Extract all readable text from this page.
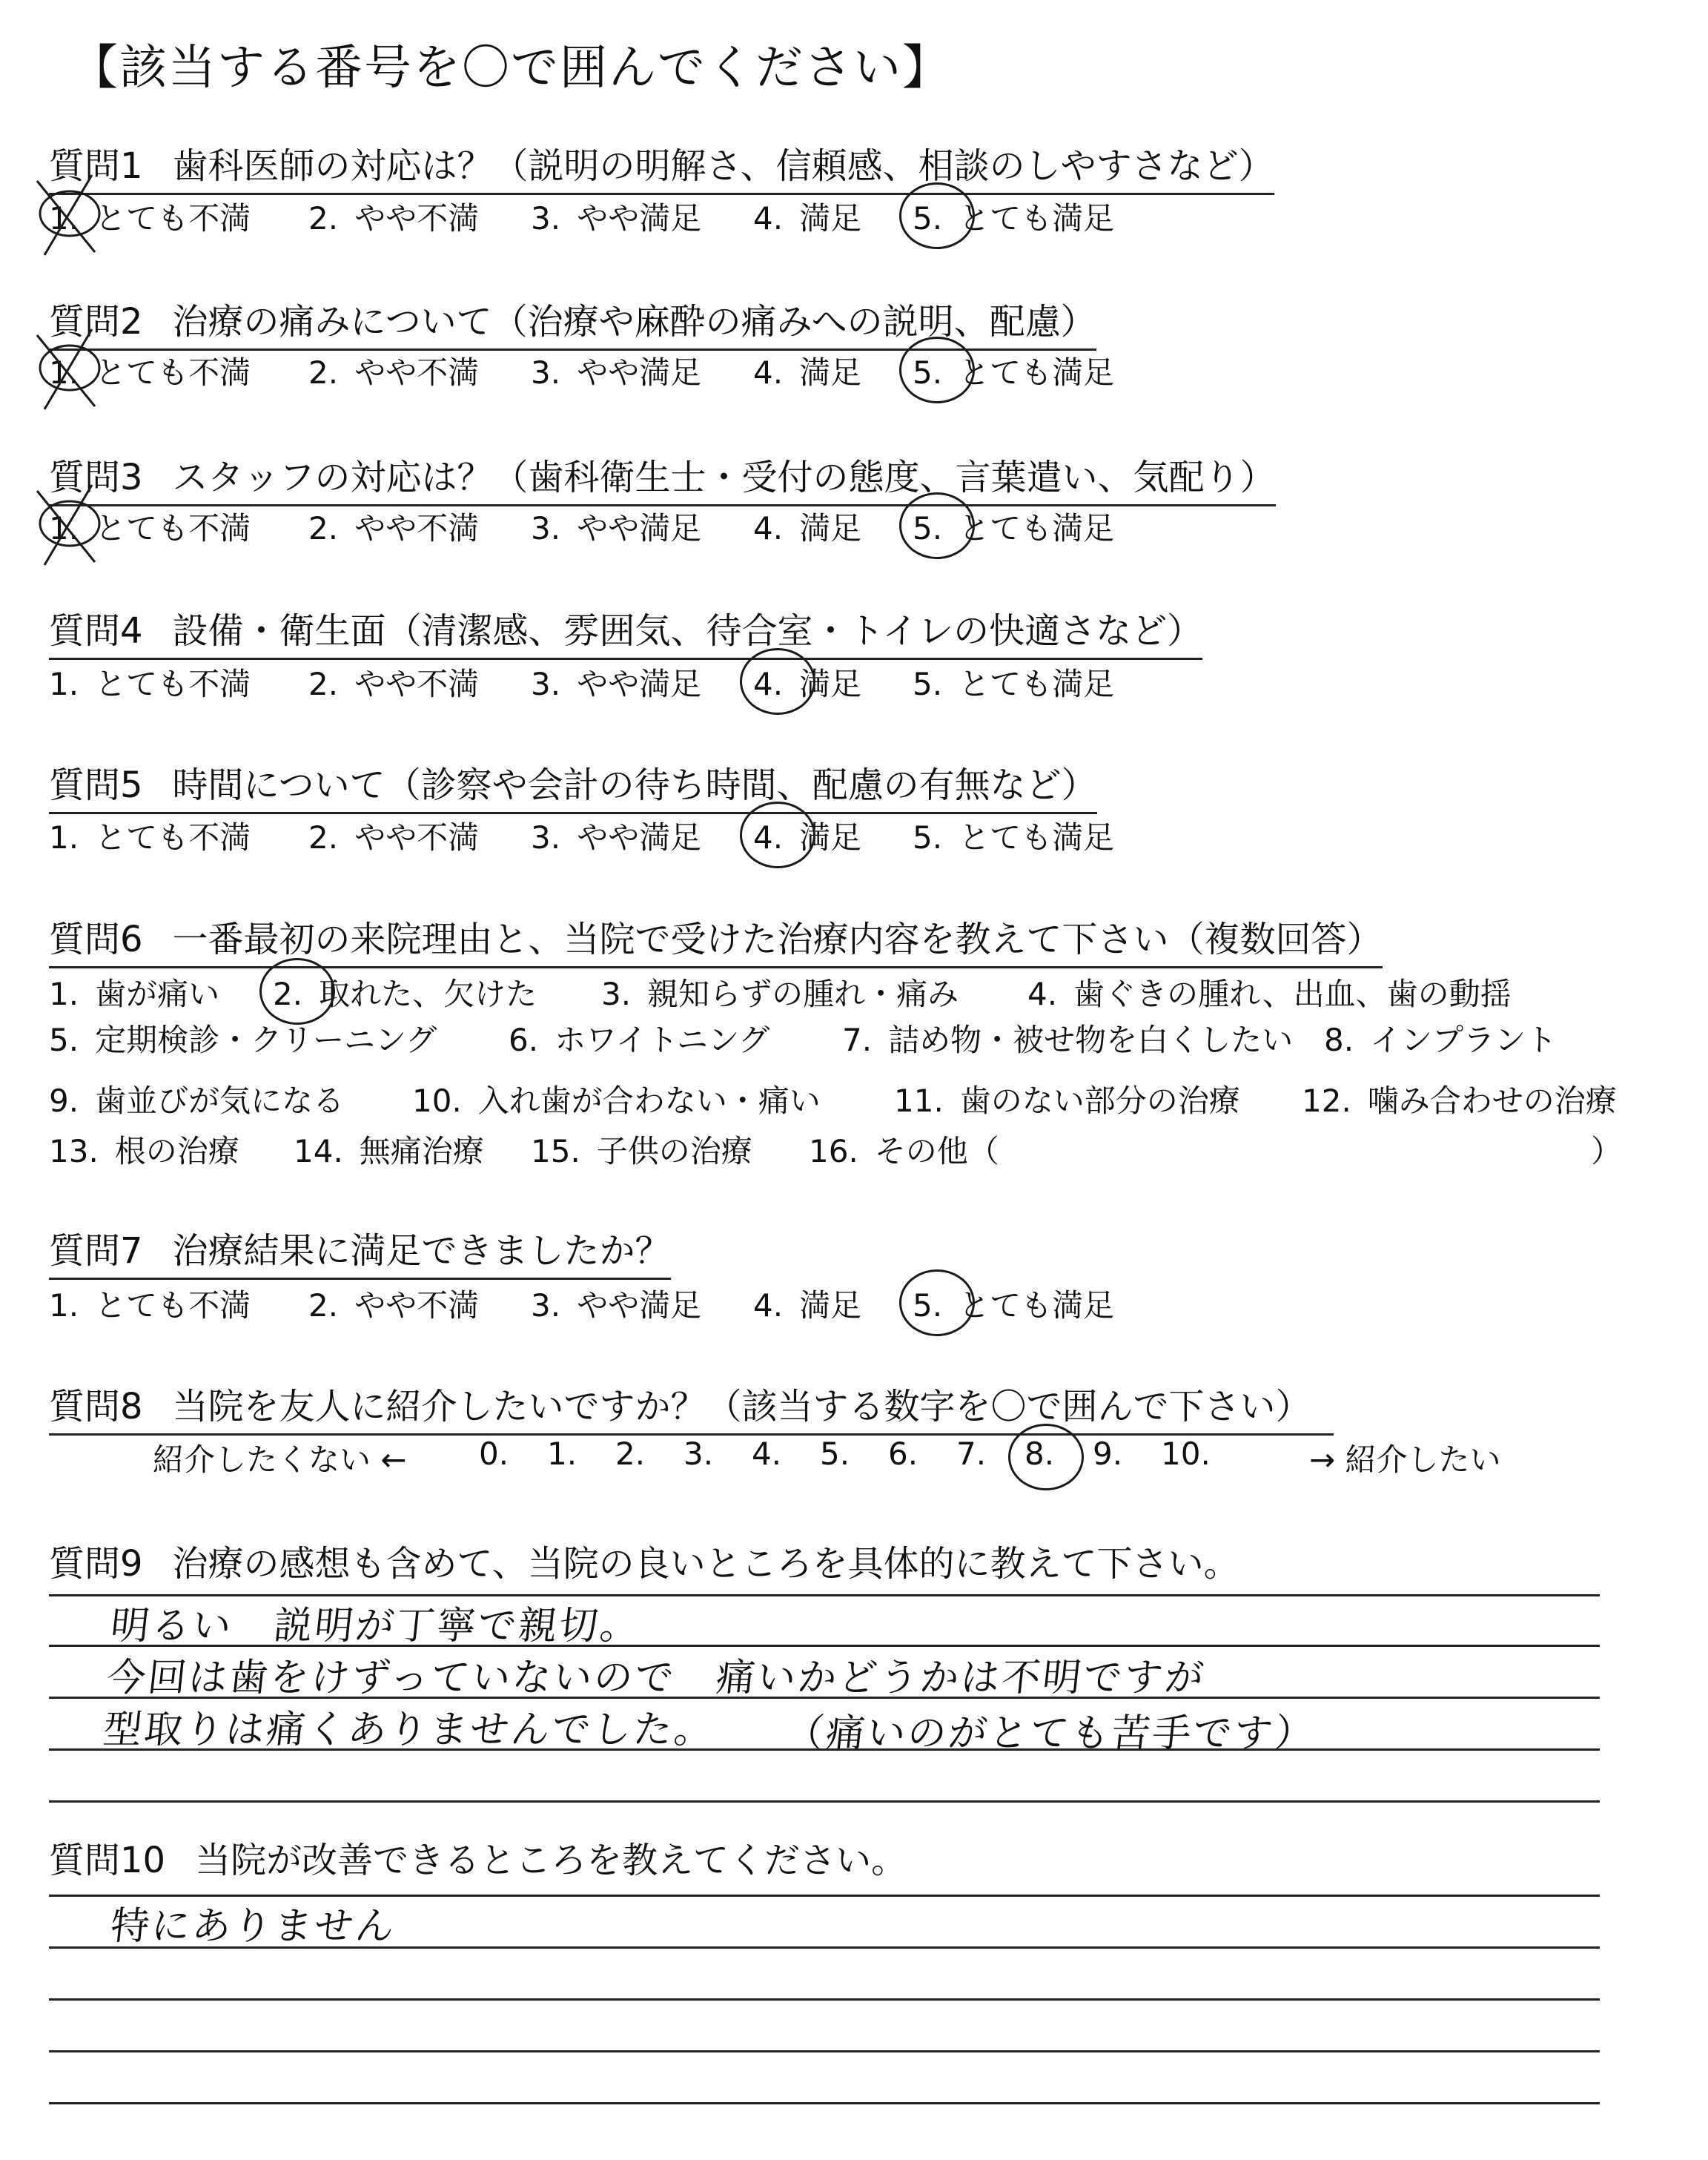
【該当する番号を〇で囲んでください】
質問1 歯科医師の対応は？（説明の明解さ、信頼感、相談のしやすさなど）
1. とても不満 2. やや不満 3. やや満足 4. 満足 5. とても満足
質問2 治療の痛みについて（治療や麻酔の痛みへの説明、配慮）
1. とても不満 2. やや不満 3. やや満足 4. 満足 5. とても満足
質問3 スタッフの対応は？（歯科衛生士・受付の態度、言葉遣い、気配り）
1. とても不満 2. やや不満 3. やや満足 4. 満足 5. とても満足
質問4 設備・衛生面（清潔感、雰囲気、待合室・トイレの快適さなど）
1. とても不満 2. やや不満 3. やや満足 4. 満足 5. とても満足
質問5 時間について（診察や会計の待ち時間、配慮の有無など）
1. とても不満 2. やや不満 3. やや満足 4. 満足 5. とても満足
質問6 一番最初の来院理由と、当院で受けた治療内容を教えて下さい（複数回答）
1. 歯が痛い 2. 取れた、欠けた 3. 親知らずの腫れ・痛み 4. 歯ぐきの腫れ、出血、歯の動揺
5. 定期検診・クリーニング 6. ホワイトニング 7. 詰め物・被せ物を白くしたい 8. インプラント
9. 歯並びが気になる 10. 入れ歯が合わない・痛い 11. 歯のない部分の治療 12. 噛み合わせの治療
13. 根の治療 14. 無痛治療 15. 子供の治療 16. その他（	）
質問7 治療結果に満足できましたか？
1. とても不満 2. やや不満 3. やや満足 4. 満足 5. とても満足
質問8 当院を友人に紹介したいですか？（該当する数字を〇で囲んで下さい）
紹介したくない ←	→ 紹介したい
0. 1. 2. 3. 4. 5. 6. 7. 8. 9. 10.
質問9 治療の感想も含めて、当院の良いところを具体的に教えて下さい。
明るい　説明が丁寧で親切。
今回は歯をけずっていないので　痛いかどうかは不明ですが
型取りは痛くありませんでした。 （痛いのがとても苦手です）
質問10 当院が改善できるところを教えてください。
特にありません
